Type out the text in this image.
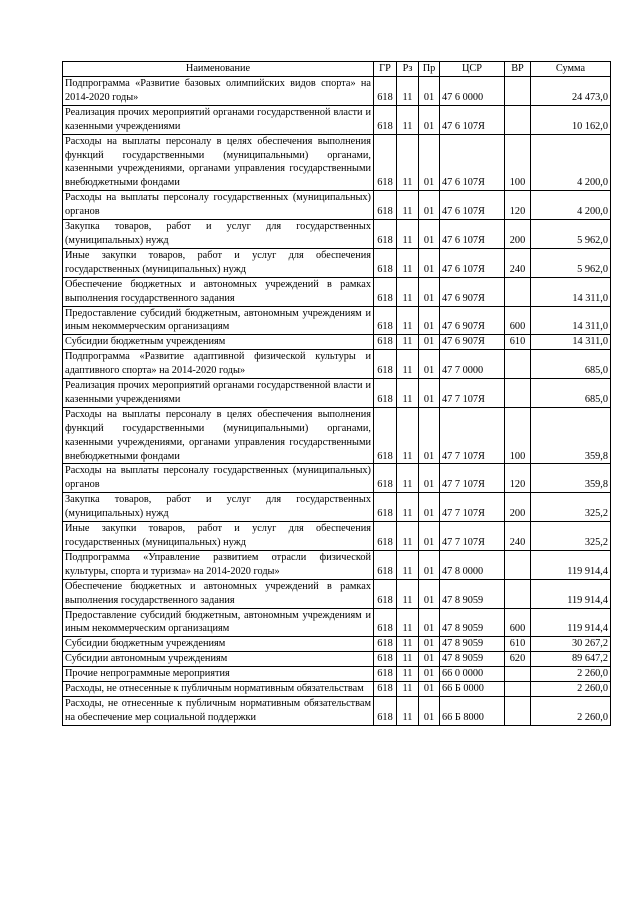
Наименование	ГР	Рз	Пр	ЦСР	ВР	Сумма
Подпрограмма «Развитие базовых олимпийских видов спорта» на 2014-2020 годы»	618	11	01	47 6 0000		24 473,0
Реализация прочих мероприятий органами государственной власти и казенными учреждениями	618	11	01	47 6 107Я		10 162,0
Расходы на выплаты персоналу в целях обеспечения выполнения функций государственными (муниципальными) органами, казенными учреждениями, органами управления государственными внебюджетными фондами	618	11	01	47 6 107Я	100	4 200,0
Расходы на выплаты персоналу государственных (муниципальных) органов	618	11	01	47 6 107Я	120	4 200,0
Закупка товаров, работ и услуг для государственных (муниципальных) нужд	618	11	01	47 6 107Я	200	5 962,0
Иные закупки товаров, работ и услуг для обеспечения государственных (муниципальных) нужд	618	11	01	47 6 107Я	240	5 962,0
Обеспечение бюджетных и автономных учреждений в рамках выполнения государственного задания	618	11	01	47 6 907Я		14 311,0
Предоставление субсидий бюджетным, автономным учреждениям и иным некоммерческим организациям	618	11	01	47 6 907Я	600	14 311,0
Субсидии бюджетным учреждениям	618	11	01	47 6 907Я	610	14 311,0
Подпрограмма «Развитие адаптивной физической культуры и адаптивного спорта» на 2014-2020 годы»	618	11	01	47 7 0000		685,0
Реализация прочих мероприятий органами государственной власти и казенными учреждениями	618	11	01	47 7 107Я		685,0
Расходы на выплаты персоналу в целях обеспечения выполнения функций государственными (муниципальными) органами, казенными учреждениями, органами управления государственными внебюджетными фондами	618	11	01	47 7 107Я	100	359,8
Расходы на выплаты персоналу государственных (муниципальных) органов	618	11	01	47 7 107Я	120	359,8
Закупка товаров, работ и услуг для государственных (муниципальных) нужд	618	11	01	47 7 107Я	200	325,2
Иные закупки товаров, работ и услуг для обеспечения государственных (муниципальных) нужд	618	11	01	47 7 107Я	240	325,2
Подпрограмма «Управление развитием отрасли физической культуры, спорта и туризма» на 2014-2020 годы»	618	11	01	47 8 0000		119 914,4
Обеспечение бюджетных и автономных учреждений в рамках выполнения государственного задания	618	11	01	47 8 9059		119 914,4
Предоставление субсидий бюджетным, автономным учреждениям и иным некоммерческим организациям	618	11	01	47 8 9059	600	119 914,4
Субсидии бюджетным учреждениям	618	11	01	47 8 9059	610	30 267,2
Субсидии автономным учреждениям	618	11	01	47 8 9059	620	89 647,2
Прочие непрограммные мероприятия	618	11	01	66 0 0000		2 260,0
Расходы, не отнесенные к публичным нормативным обязательствам	618	11	01	66 Б 0000		2 260,0
Расходы, не отнесенные к публичным нормативным обязательствам на обеспечение мер социальной поддержки	618	11	01	66 Б 8000		2 260,0
